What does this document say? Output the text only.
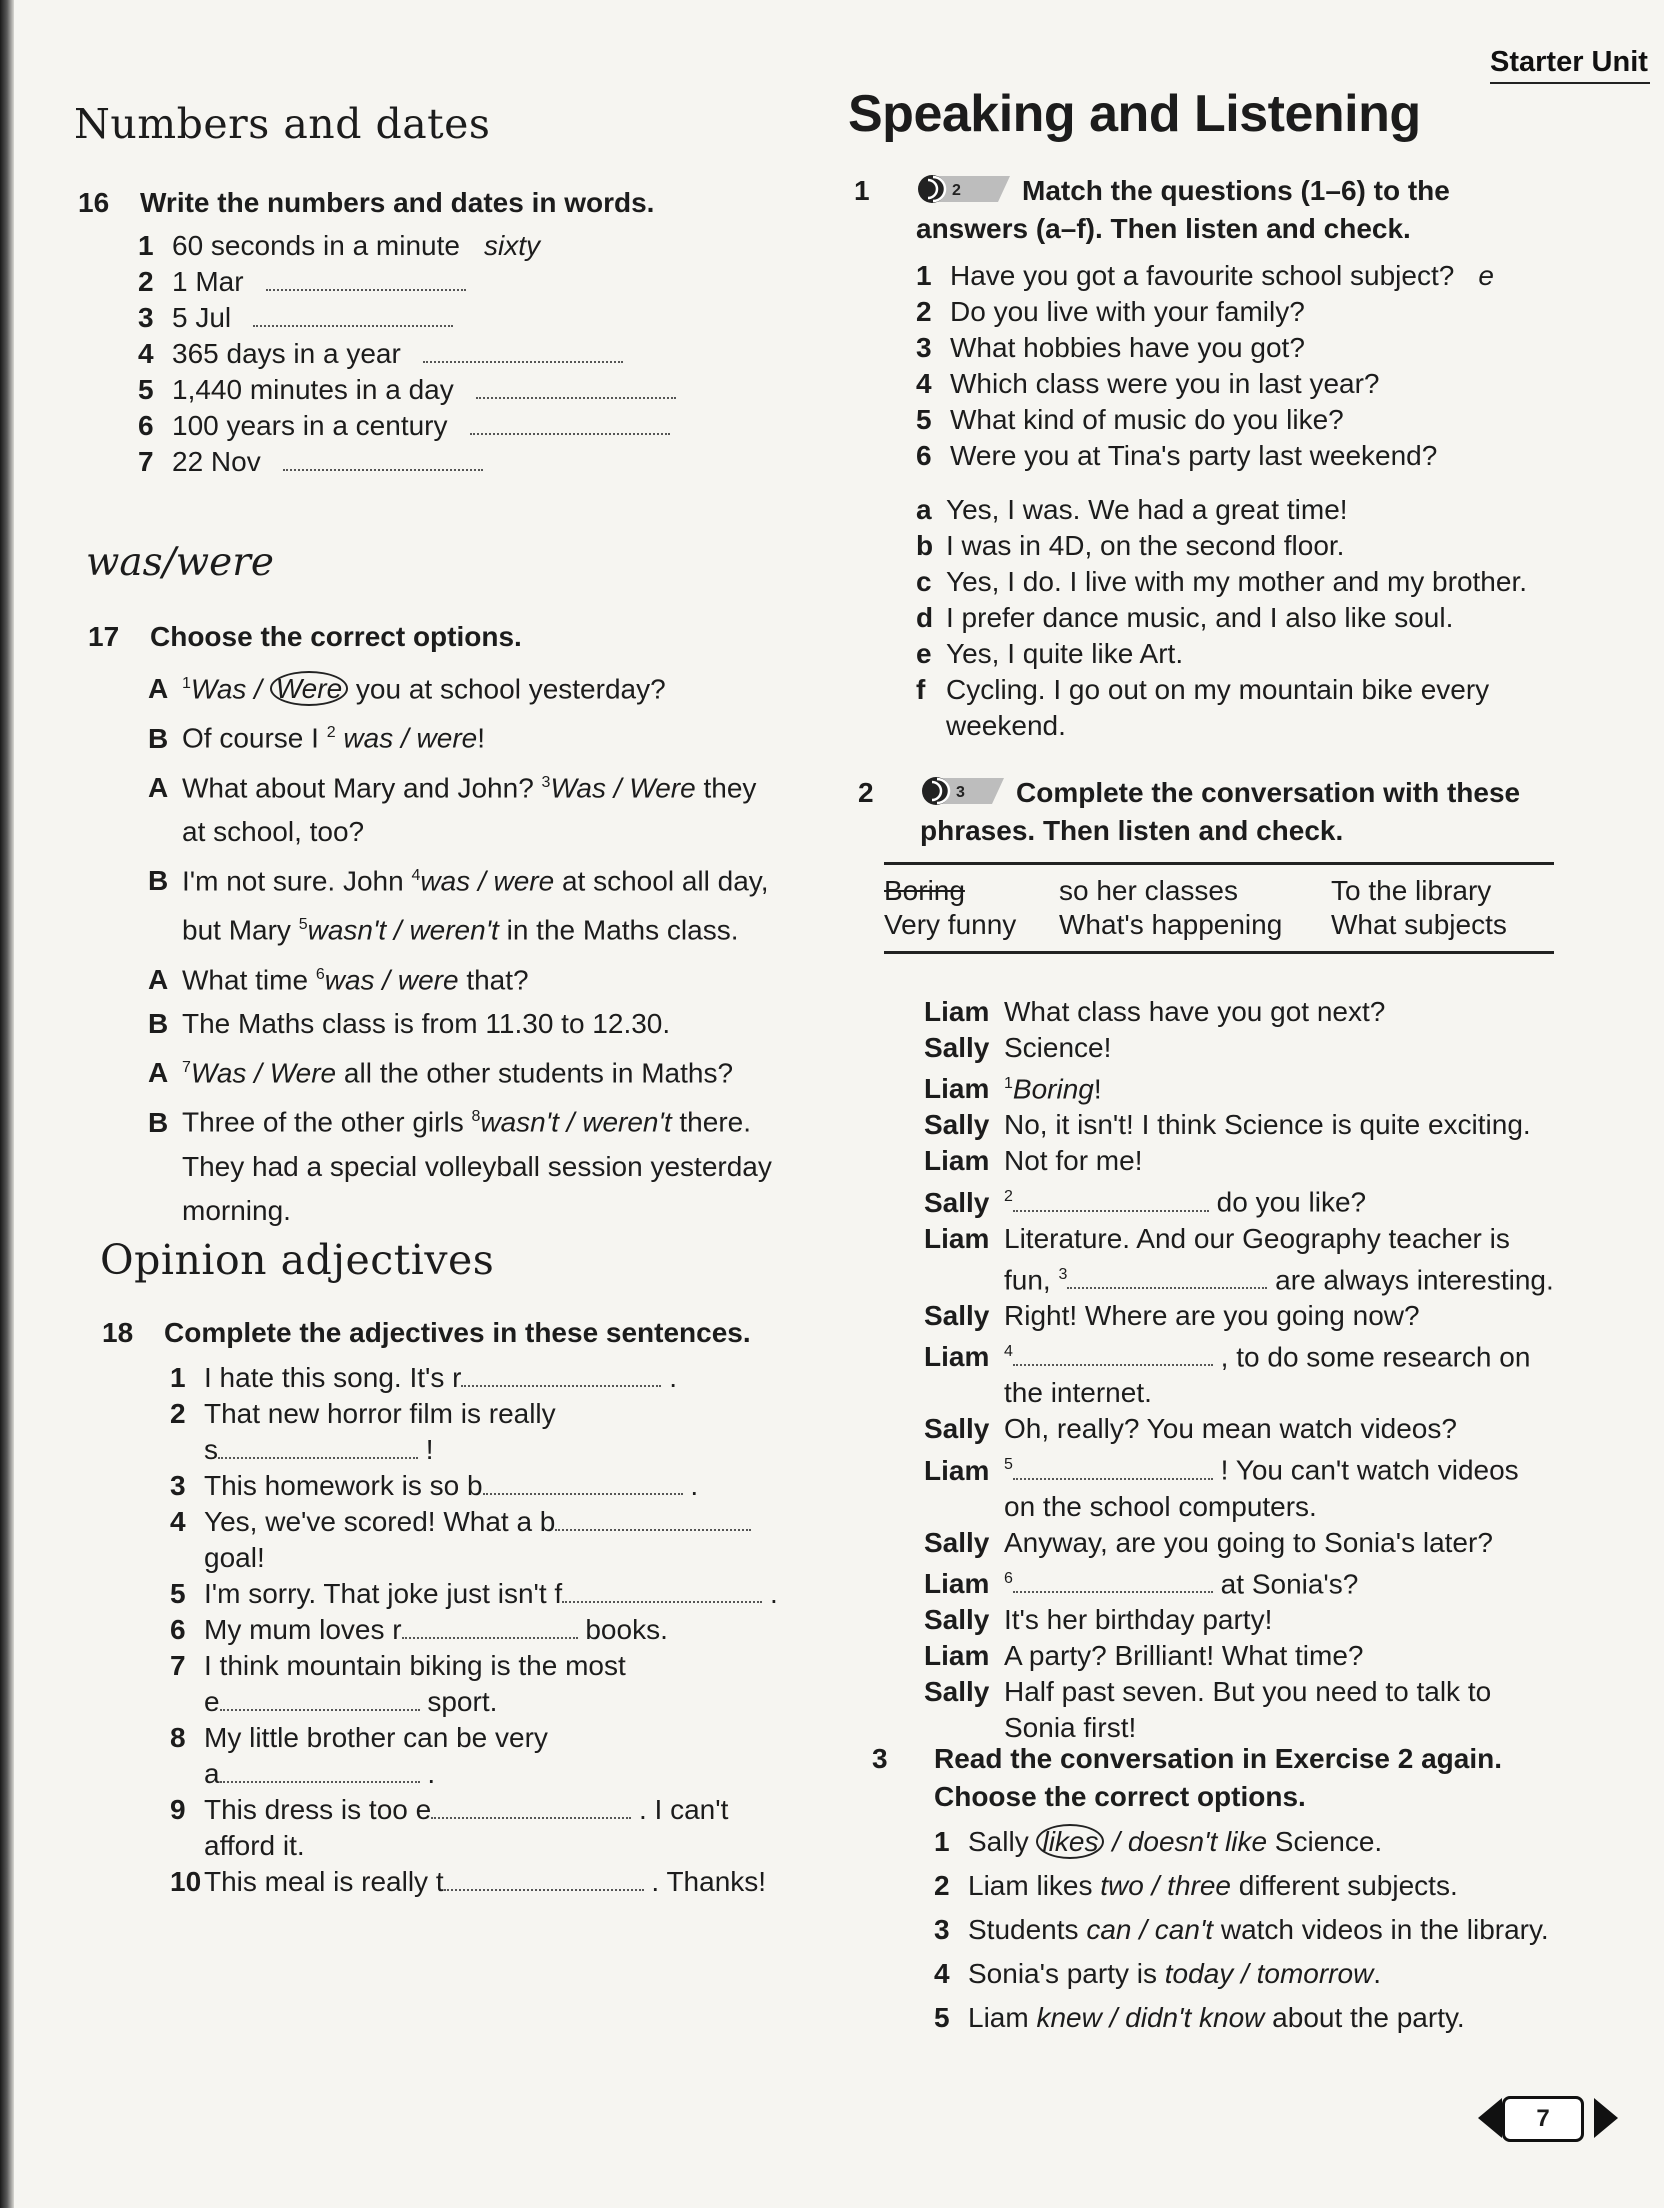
Starter Unit
Numbers and dates
16 Write the numbers and dates in words.
1 60 seconds in a minute sixty
2 1 Mar
3 5 Jul
4 365 days in a year
5 1,440 minutes in a day
6 100 years in a century
7 22 Nov
was/were
17 Choose the correct options.
A $^1$Was / Were you at school yesterday?
B Of course I $^2$ was / were!
A What about Mary and John? $^3$Was / Were they
at school, too?
B I'm not sure. John $^4$was / were at school all day,
but Mary $^5$wasn't / weren't in the Maths class.
A What time $^6$was / were that?
B The Maths class is from 11.30 to 12.30.
A $^7$Was / Were all the other students in Maths?
B Three of the other girls $^8$wasn't / weren't there.
They had a special volleyball session yesterday
morning.
Opinion adjectives
18 Complete the adjectives in these sentences.
1 I hate this song. It's r	.
2 That new horror film is really
s	!
3 This homework is so b	.
4 Yes, we've scored! What a b
goal!
5 I'm sorry. That joke just isn't f	.
6 My mum loves r	books.
7 I think mountain biking is the most
e	sport.
8 My little brother can be very
a	.
9 This dress is too e	. I can't
afford it.
10 This meal is really t	. Thanks!
Speaking and Listening
1	2 Match the questions (1–6) to the
answers (a–f). Then listen and check.
1 Have you got a favourite school subject? e
2 Do you live with your family?
3 What hobbies have you got?
4 Which class were you in last year?
5 What kind of music do you like?
6 Were you at Tina's party last weekend?
a Yes, I was. We had a great time!
b I was in 4D, on the second floor.
c Yes, I do. I live with my mother and my brother.
d I prefer dance music, and I also like soul.
e Yes, I quite like Art.
f Cycling. I go out on my mountain bike every
weekend.
2	3 Complete the conversation with these
phrases. Then listen and check.
Boring	so her classes	To the library
Very funny	What's happening	What subjects
Liam What class have you got next?
Sally Science!
Liam $^1$Boring!
Sally No, it isn't! I think Science is quite exciting.
Liam Not for me!
Sally $^2$	do you like?
Liam Literature. And our Geography teacher is
fun, $^3$	are always interesting.
Sally Right! Where are you going now?
Liam $^4$	, to do some research on
the internet.
Sally Oh, really? You mean watch videos?
Liam $^5$	! You can't watch videos
on the school computers.
Sally Anyway, are you going to Sonia's later?
Liam $^6$	at Sonia's?
Sally It's her birthday party!
Liam A party? Brilliant! What time?
Sally Half past seven. But you need to talk to
Sonia first!
3 Read the conversation in Exercise 2 again.
Choose the correct options.
1 Sally likes / doesn't like Science.
2 Liam likes two / three different subjects.
3 Students can / can't watch videos in the library.
4 Sonia's party is today / tomorrow.
5 Liam knew / didn't know about the party.
7
